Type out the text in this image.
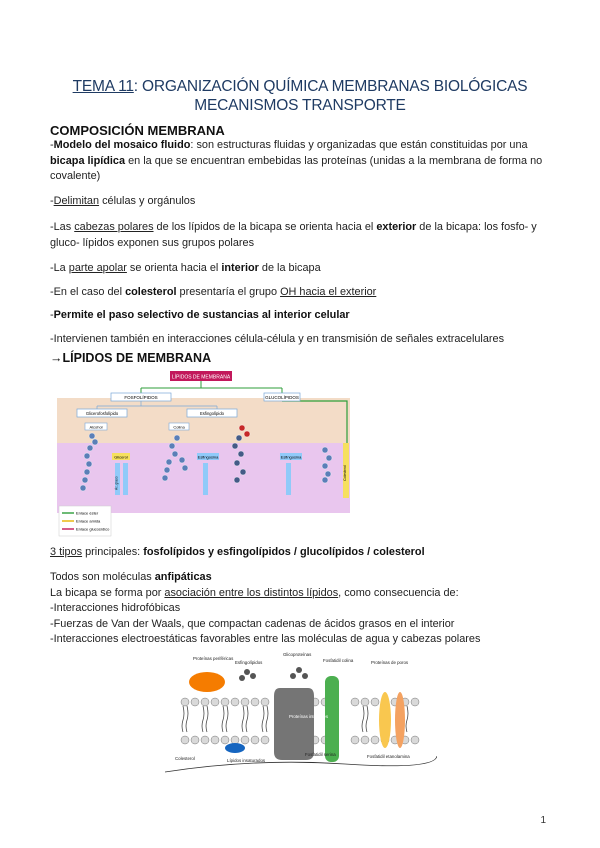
TEMA 11: ORGANIZACIÓN QUÍMICA MEMBRANAS BIOLÓGICAS
MECANISMOS TRANSPORTE
COMPOSICIÓN MEMBRANA
-Modelo del mosaico fluido: son estructuras fluidas y organizadas que están constituidas por una bicapa lipídica en la que se encuentran embebidas las proteínas (unidas a la membrana de forma no covalente)
-Delimitan células y orgánulos
-Las cabezas polares de los lípidos de la bicapa se orienta hacia el exterior de la bicapa: los fosfo- y gluco- lípidos exponen sus grupos polares
-La parte apolar se orienta hacia el interior de la bicapa
-En el caso del colesterol presentaría el grupo OH hacia el exterior
-Permite el paso selectivo de sustancias al interior celular
-Intervienen también en interacciones célula-célula y en transmisión de señales extracelulares
→LÍPIDOS DE MEMBRANA
LÍPIDOS DE MEMBRANA
FOSFOLÍPIDOS	GLUCOLÍPIDOS
Glicerofosfolípido	Esfingolípido
Alcohol	Colina
Glicerol	Esfingosina	Esfingosina
Colesterol
Ác. graso
Enlace éster
Enlace amida
Enlace glucosídico
3 tipos principales: fosfolípidos y esfingolípidos / glucolípidos / colesterol
Todos son moléculas anfipáticas
La bicapa se forma por asociación entre los distintos lípidos, como consecuencia de:
-Interacciones hidrofóbicas
-Fuerzas de Van der Waals, que compactan cadenas de ácidos grasos en el interior
-Interacciones electroestáticas favorables entre las moléculas de agua y cabezas polares
Proteínas periféricas
Esfingolípidos
Glicoproteínas
Fosfatidil colina	Proteínas de poros
Proteínas integrales
Colesterol	Lípidos insaturados
Fosfatidil serina	Fosfatidil etanolamina
1
